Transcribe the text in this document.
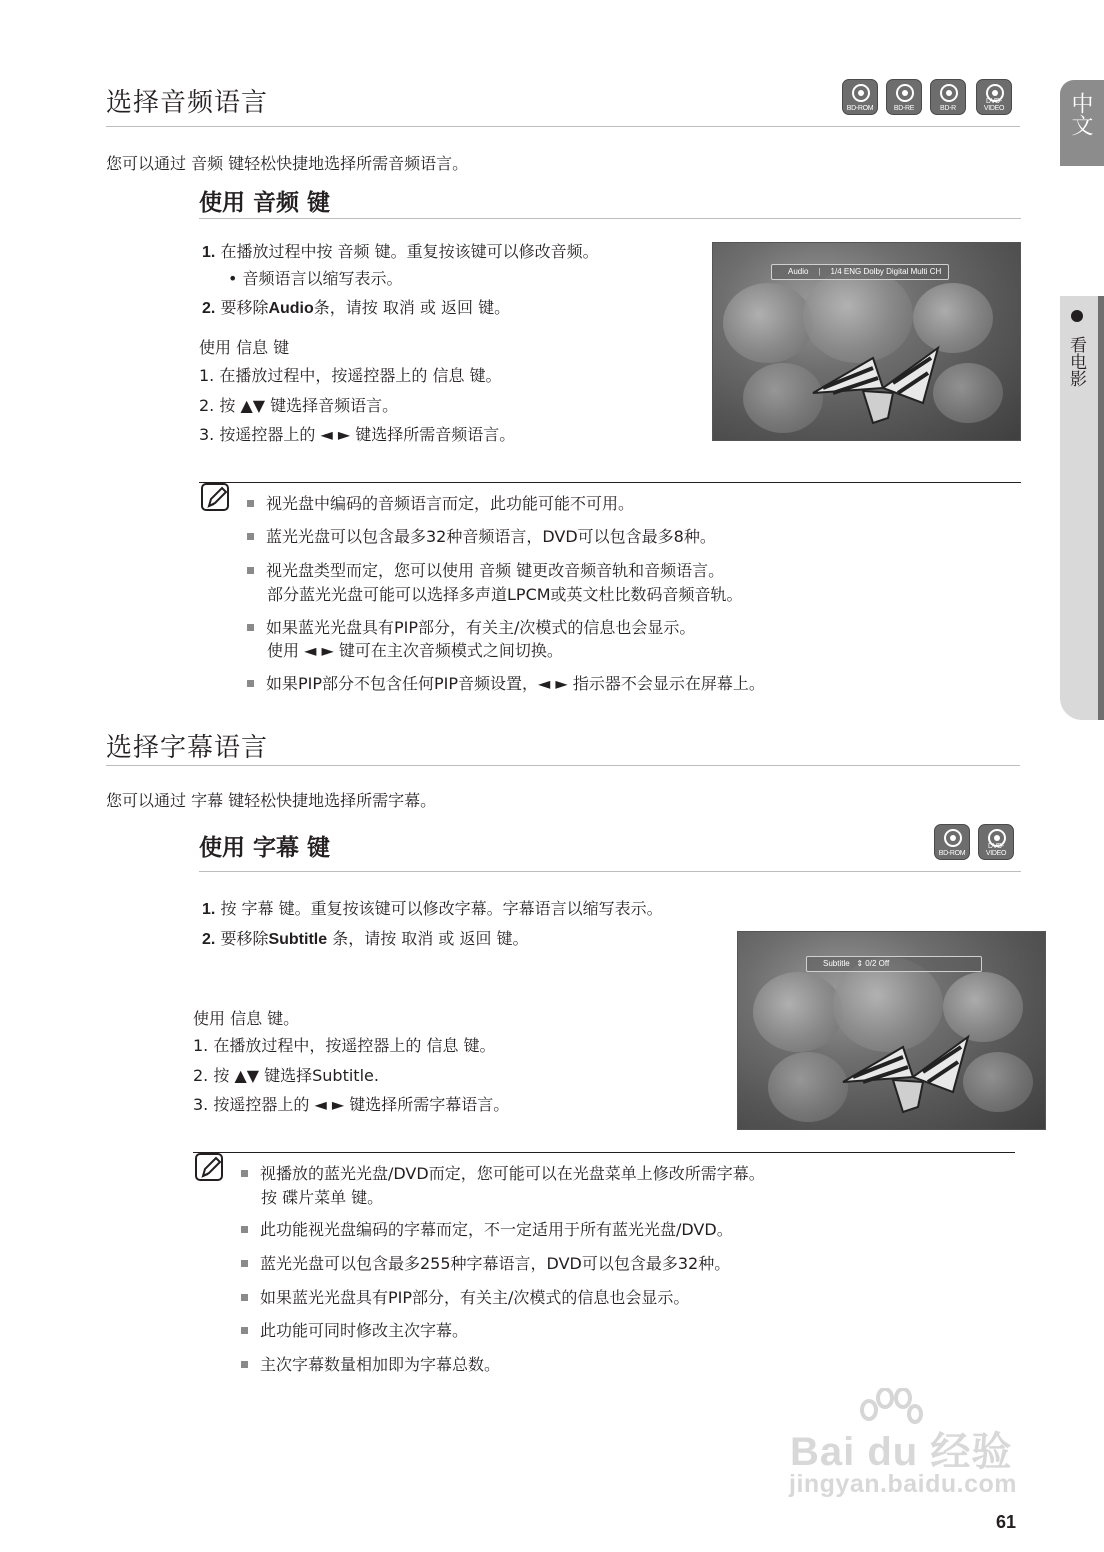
中文
看电影
选择音频语言	BD-ROM	BD-RE	BD-R
DVD-VIDEO

您可以通过 音频 键轻松快捷地选择所需音频语言。

使用 音频 键
1. 在播放过程中按 音频 键。重复按该键可以修改音频。
• 音频语言以缩写表示。
2. 要移除Audio条，请按 取消 或 返回 键。
使用 信息 键
1. 在播放过程中，按遥控器上的 信息 键。
2. 按 ▲▼ 键选择音频语言。
3. 按遥控器上的 ◄ ► 键选择所需音频语言。
Audio | 1/4 ENG Dolby Digital Multi CH
视光盘中编码的音频语言而定，此功能可能不可用。
蓝光光盘可以包含最多32种音频语言，DVD可以包含最多8种。
视光盘类型而定，您可以使用 音频 键更改音频音轨和音频语言。
部分蓝光光盘可能可以选择多声道LPCM或英文杜比数码音频音轨。
如果蓝光光盘具有PIP部分，有关主/次模式的信息也会显示。
使用 ◄ ► 键可在主次音频模式之间切换。
如果PIP部分不包含任何PIP音频设置，◄ ► 指示器不会显示在屏幕上。
选择字幕语言

您可以通过 字幕 键轻松快捷地选择所需字幕。

使用 字幕 键	BD-ROM
DVD-VIDEO
1. 按 字幕 键。重复按该键可以修改字幕。字幕语言以缩写表示。
2. 要移除Subtitle 条，请按 取消 或 返回 键。
使用 信息 键。
1. 在播放过程中，按遥控器上的 信息 键。
2. 按 ▲▼ 键选择Subtitle.
3. 按遥控器上的 ◄ ► 键选择所需字幕语言。
Subtitle ⇕ 0/2 Off
视播放的蓝光光盘/DVD而定，您可能可以在光盘菜单上修改所需字幕。
按 碟片菜单 键。
此功能视光盘编码的字幕而定，不一定适用于所有蓝光光盘/DVD。
蓝光光盘可以包含最多255种字幕语言，DVD可以包含最多32种。
如果蓝光光盘具有PIP部分，有关主/次模式的信息也会显示。
此功能可同时修改主次字幕。
主次字幕数量相加即为字幕总数。
Bai du 经验
jingyan.baidu.com
61
